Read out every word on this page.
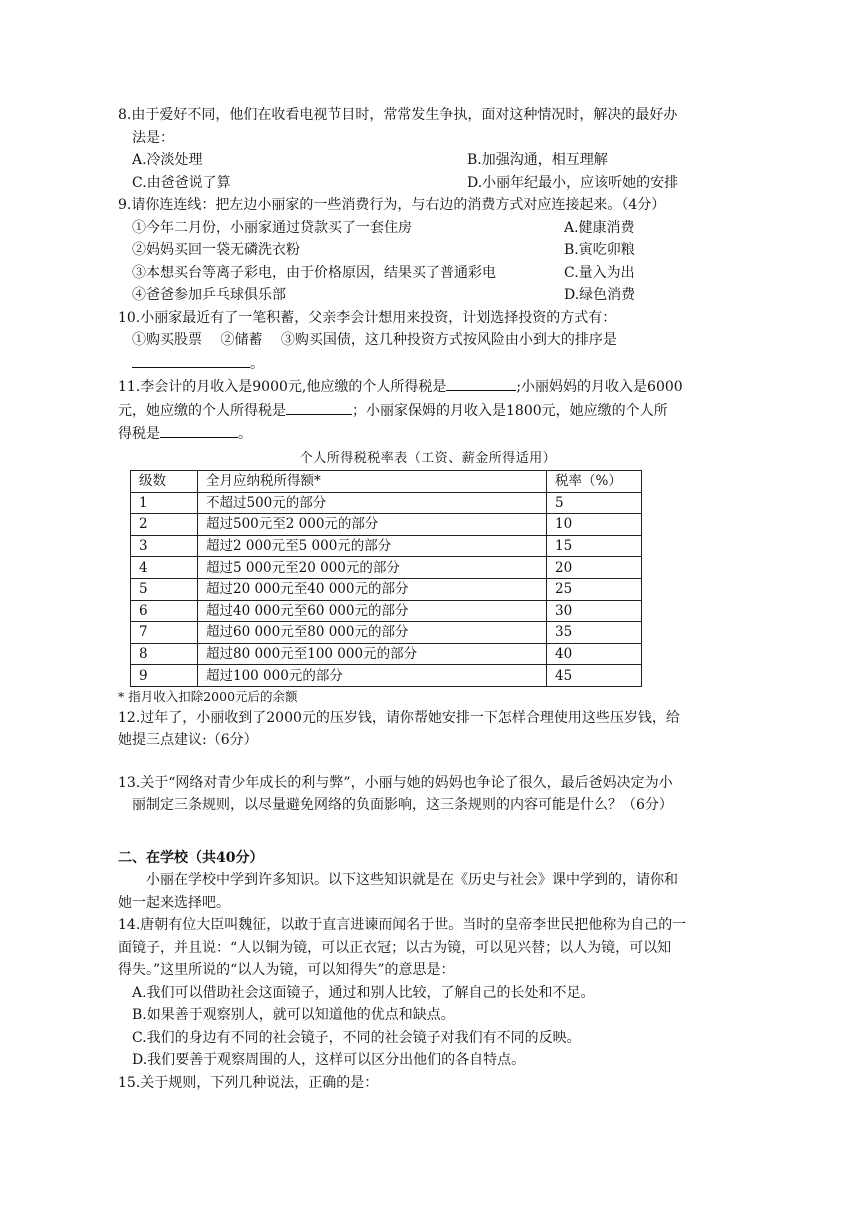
8.由于爱好不同，他们在收看电视节目时，常常发生争执，面对这种情况时，解决的最好办
法是：
A.冷淡处理	B.加强沟通，相互理解
C.由爸爸说了算	D.小丽年纪最小，应该听她的安排
9.请你连连线：把左边小丽家的一些消费行为，与右边的消费方式对应连接起来。（4分）
①今年二月份，小丽家通过贷款买了一套住房	A.健康消费
②妈妈买回一袋无磷洗衣粉	B.寅吃卯粮
③本想买台等离子彩电，由于价格原因，结果买了普通彩电	C.量入为出
④爸爸参加乒乓球俱乐部	D.绿色消费
10.小丽家最近有了一笔积蓄，父亲李会计想用来投资，计划选择投资的方式有：
①购买股票　 ②储蓄　 ③购买国债，这几种投资方式按风险由小到大的排序是
。
11.李会计的月收入是9000元,他应缴的个人所得税是	;小丽妈妈的月收入是6000
元，她应缴的个人所得税是	；小丽家保姆的月收入是1800元，她应缴的个人所
得税是	。
个人所得税税率表（工资、薪金所得适用）
级数	全月应纳税所得额*	税率（%）
1	不超过500元的部分	5
2	超过500元至2 000元的部分	10
3	超过2 000元至5 000元的部分	15
4	超过5 000元至20 000元的部分	20
5	超过20 000元至40 000元的部分	25
6	超过40 000元至60 000元的部分	30
7	超过60 000元至80 000元的部分	35
8	超过80 000元至100 000元的部分	40
9	超过100 000元的部分	45
* 指月收入扣除2000元后的余额
12.过年了，小丽收到了2000元的压岁钱，请你帮她安排一下怎样合理使用这些压岁钱，给
她提三点建议:（6分）
13.关于“网络对青少年成长的利与弊”，小丽与她的妈妈也争论了很久，最后爸妈决定为小
丽制定三条规则，以尽量避免网络的负面影响，这三条规则的内容可能是什么？（6分）
二、在学校（共40分）
小丽在学校中学到许多知识。以下这些知识就是在《历史与社会》课中学到的，请你和
她一起来选择吧。
14.唐朝有位大臣叫魏征，以敢于直言进谏而闻名于世。当时的皇帝李世民把他称为自己的一
面镜子，并且说：“人以铜为镜，可以正衣冠；以古为镜，可以见兴替；以人为镜，可以知
得失。”这里所说的“以人为镜，可以知得失”的意思是：
A.我们可以借助社会这面镜子，通过和别人比较，了解自己的长处和不足。
B.如果善于观察别人，就可以知道他的优点和缺点。
C.我们的身边有不同的社会镜子，不同的社会镜子对我们有不同的反映。
D.我们要善于观察周围的人，这样可以区分出他们的各自特点。
15.关于规则，下列几种说法，正确的是：
